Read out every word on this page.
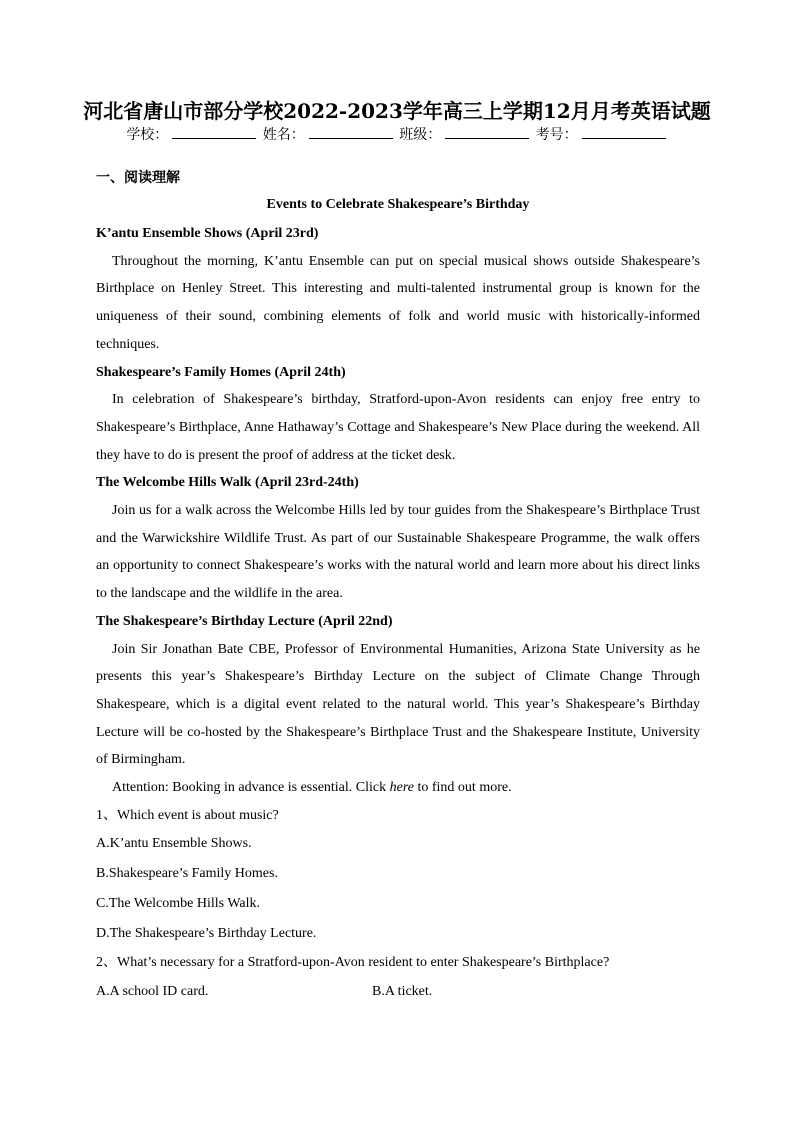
河北省唐山市部分学校2022-2023学年高三上学期12月月考英语试题
学校：	姓名：	班级：	考号：
一、阅读理解
Events to Celebrate Shakespeare’s Birthday
K’antu Ensemble Shows (April 23rd)
Throughout the morning, K’antu Ensemble can put on special musical shows outside Shakespeare’s Birthplace on Henley Street. This interesting and multi-talented instrumental group is known for the uniqueness of their sound, combining elements of folk and world music with historically-informed techniques.
Shakespeare’s Family Homes (April 24th)
In celebration of Shakespeare’s birthday, Stratford-upon-Avon residents can enjoy free entry to Shakespeare’s Birthplace, Anne Hathaway’s Cottage and Shakespeare’s New Place during the weekend. All they have to do is present the proof of address at the ticket desk.
The Welcombe Hills Walk (April 23rd-24th)
Join us for a walk across the Welcombe Hills led by tour guides from the Shakespeare’s Birthplace Trust and the Warwickshire Wildlife Trust. As part of our Sustainable Shakespeare Programme, the walk offers an opportunity to connect Shakespeare’s works with the natural world and learn more about his direct links to the landscape and the wildlife in the area.
The Shakespeare’s Birthday Lecture (April 22nd)
Join Sir Jonathan Bate CBE, Professor of Environmental Humanities, Arizona State University as he presents this year’s Shakespeare’s Birthday Lecture on the subject of Climate Change Through Shakespeare, which is a digital event related to the natural world. This year’s Shakespeare’s Birthday Lecture will be co-hosted by the Shakespeare’s Birthplace Trust and the Shakespeare Institute, University of Birmingham.
Attention: Booking in advance is essential. Click here to find out more.
1、Which event is about music?
A.K’antu Ensemble Shows.
B.Shakespeare’s Family Homes.
C.The Welcombe Hills Walk.
D.The Shakespeare’s Birthday Lecture.
2、What’s necessary for a Stratford-upon-Avon resident to enter Shakespeare’s Birthplace?
A.A school ID card.	B.A ticket.
